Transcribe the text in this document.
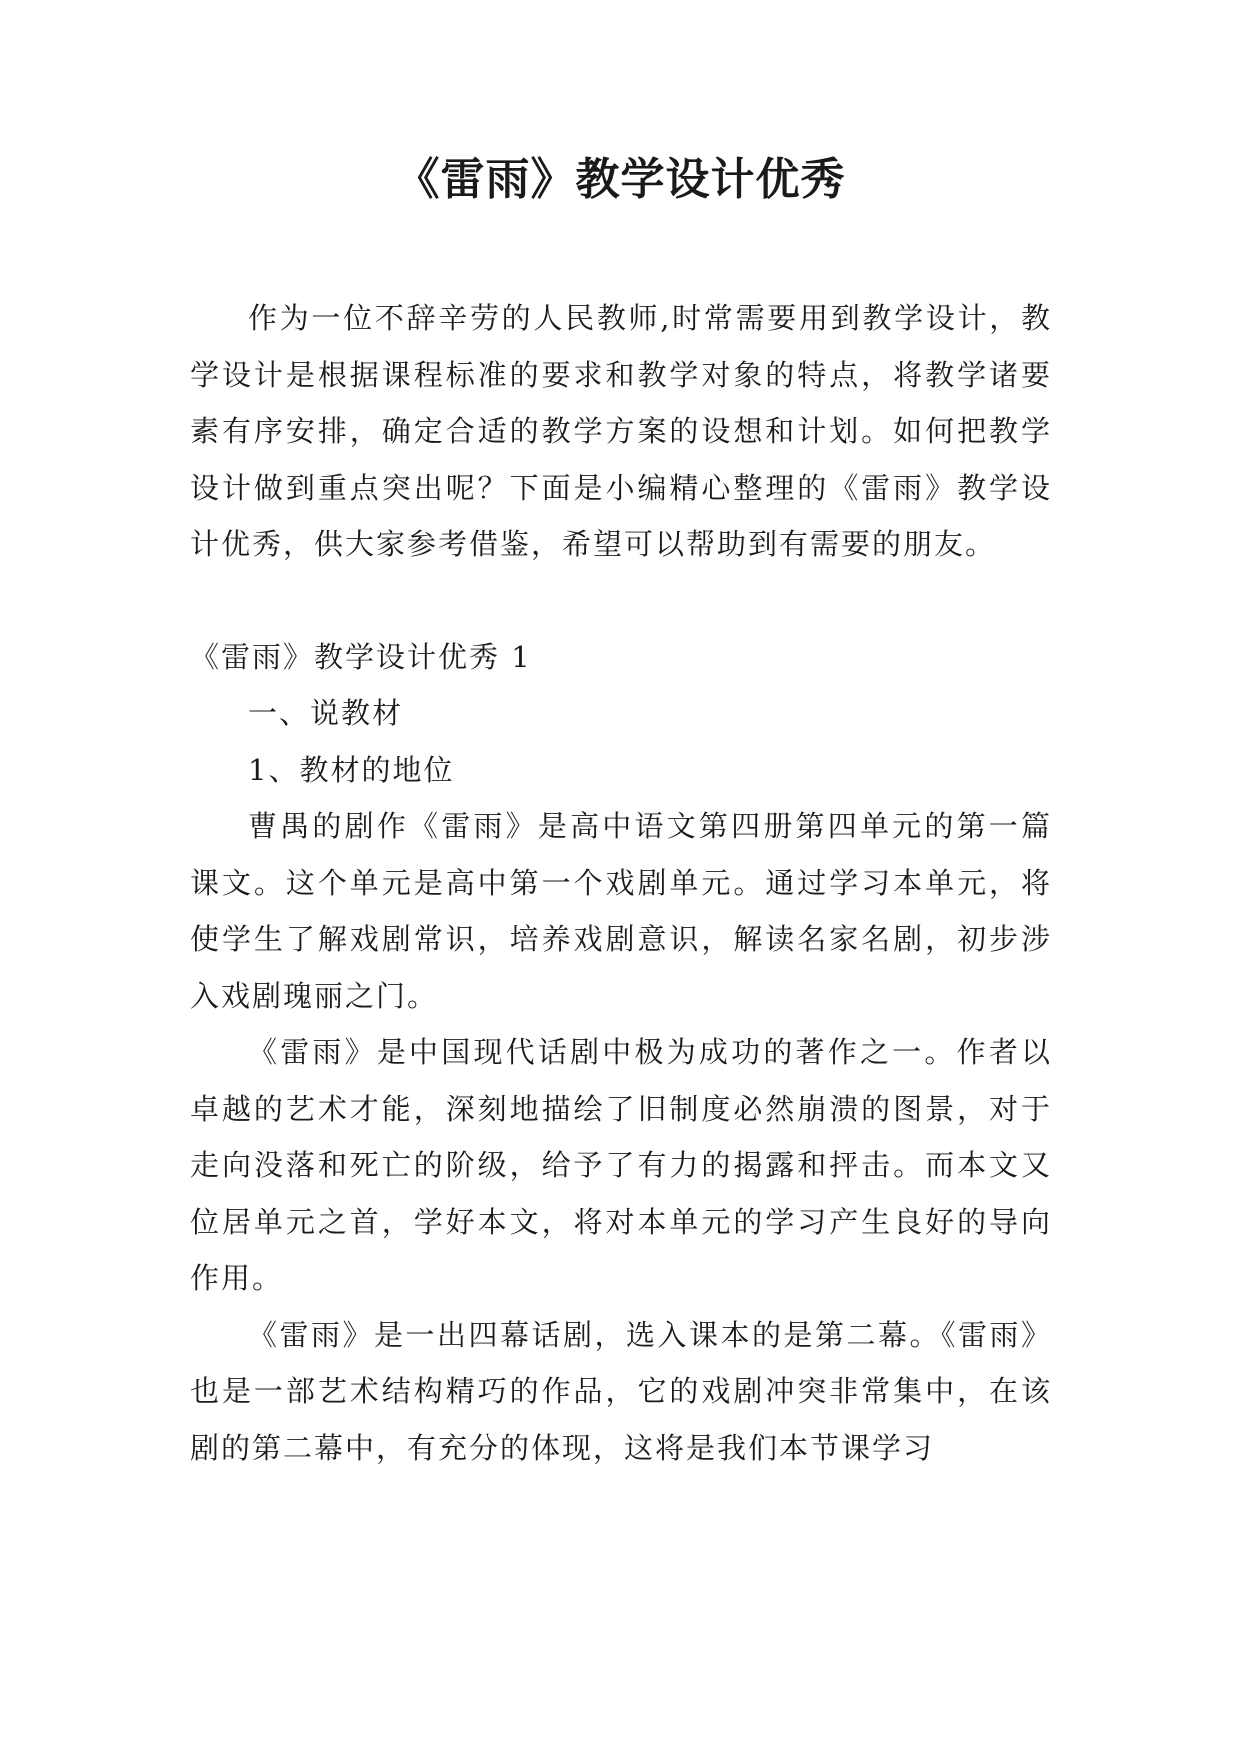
《雷雨》教学设计优秀

作为一位不辞辛劳的人民教师,时常需要用到教学设计，教学设计是根据课程标准的要求和教学对象的特点，将教学诸要素有序安排，确定合适的教学方案的设想和计划。如何把教学设计做到重点突出呢？下面是小编精心整理的《雷雨》教学设计优秀，供大家参考借鉴，希望可以帮助到有需要的朋友。

《雷雨》教学设计优秀 1

一、说教材

1、教材的地位

曹禺的剧作《雷雨》是高中语文第四册第四单元的第一篇课文。这个单元是高中第一个戏剧单元。通过学习本单元，将使学生了解戏剧常识，培养戏剧意识，解读名家名剧，初步涉入戏剧瑰丽之门。

《雷雨》是中国现代话剧中极为成功的著作之一。作者以卓越的艺术才能，深刻地描绘了旧制度必然崩溃的图景，对于走向没落和死亡的阶级，给予了有力的揭露和抨击。而本文又位居单元之首，学好本文，将对本单元的学习产生良好的导向作用。

《雷雨》是一出四幕话剧，选入课本的是第二幕。《雷雨》也是一部艺术结构精巧的作品，它的戏剧冲突非常集中，在该剧的第二幕中，有充分的体现，这将是我们本节课学习
